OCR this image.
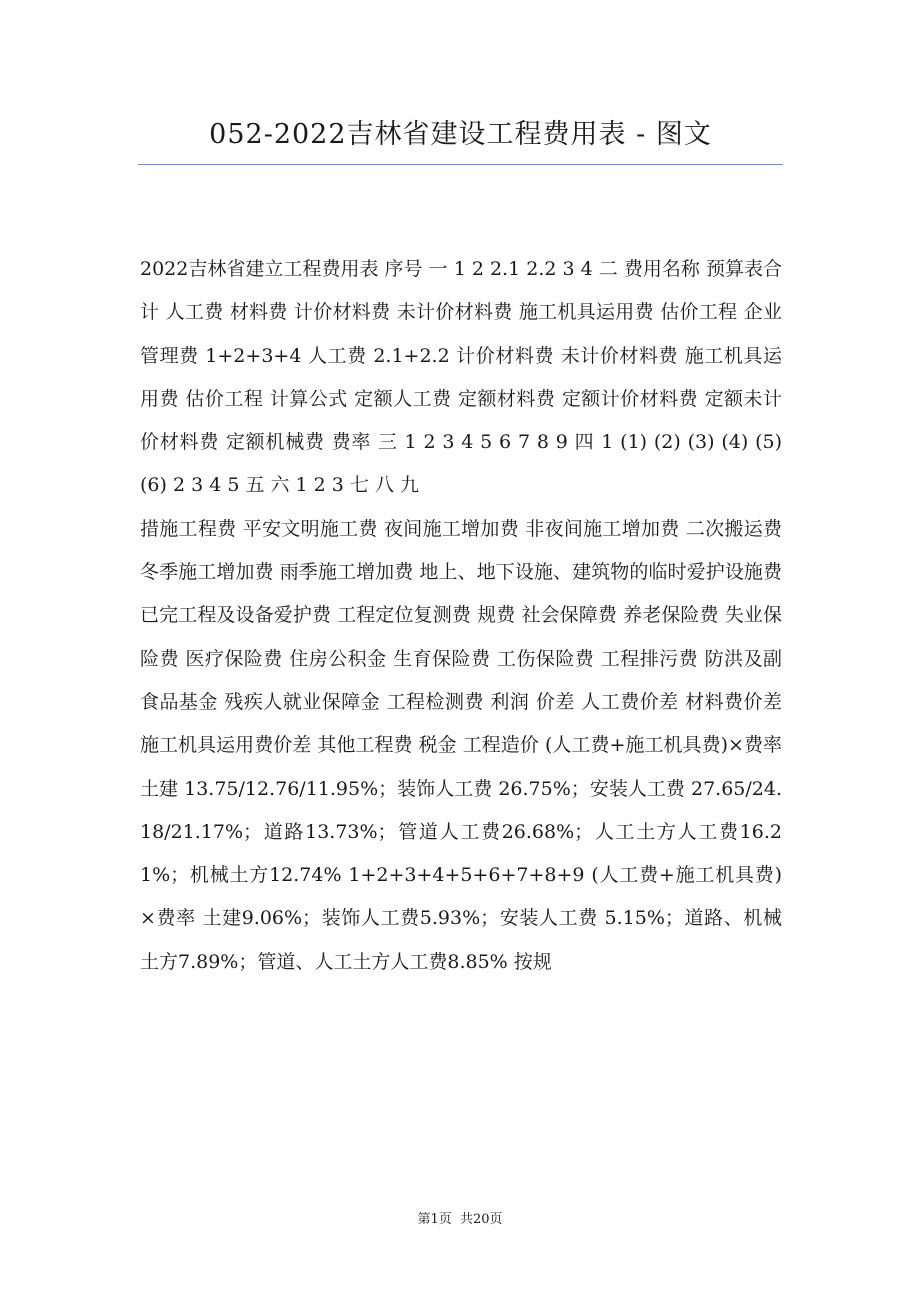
052-2022吉林省建设工程费用表 - 图文

2022吉林省建立工程费用表 序号 一 1 2 2.1 2.2 3 4 二 费用名称 预算表合计 人工费 材料费 计价材料费 未计价材料费 施工机具运用费 估价工程 企业管理费 1+2+3+4 人工费 2.1+2.2 计价材料费 未计价材料费 施工机具运用费 估价工程 计算公式 定额人工费 定额材料费 定额计价材料费 定额未计价材料费 定额机械费 费率 三 1 2 3 4 5 6 7 8 9 四 1 (1) (2) (3) (4) (5) (6) 2 3 4 5 五 六 1 2 3 七 八 九

措施工程费 平安文明施工费 夜间施工增加费 非夜间施工增加费 二次搬运费 冬季施工增加费 雨季施工增加费 地上、地下设施、建筑物的临时爱护设施费 已完工程及设备爱护费 工程定位复测费 规费 社会保障费 养老保险费 失业保险费 医疗保险费 住房公积金 生育保险费 工伤保险费 工程排污费 防洪及副食品基金 残疾人就业保障金 工程检测费 利润 价差 人工费价差 材料费价差 施工机具运用费价差 其他工程费 税金 工程造价 (人工费+施工机具费)×费率 土建 13.75/12.76/11.95%；装饰人工费 26.75%；安装人工费 27.65/24.18/21.17%；道路13.73%；管道人工费26.68%；人工土方人工费16.21%；机械土方12.74% 1+2+3+4+5+6+7+8+9 (人工费+施工机具费)×费率 土建9.06%；装饰人工费5.93%；安装人工费 5.15%；道路、机械土方7.89%；管道、人工土方人工费8.85% 按规

第1页 共20页
